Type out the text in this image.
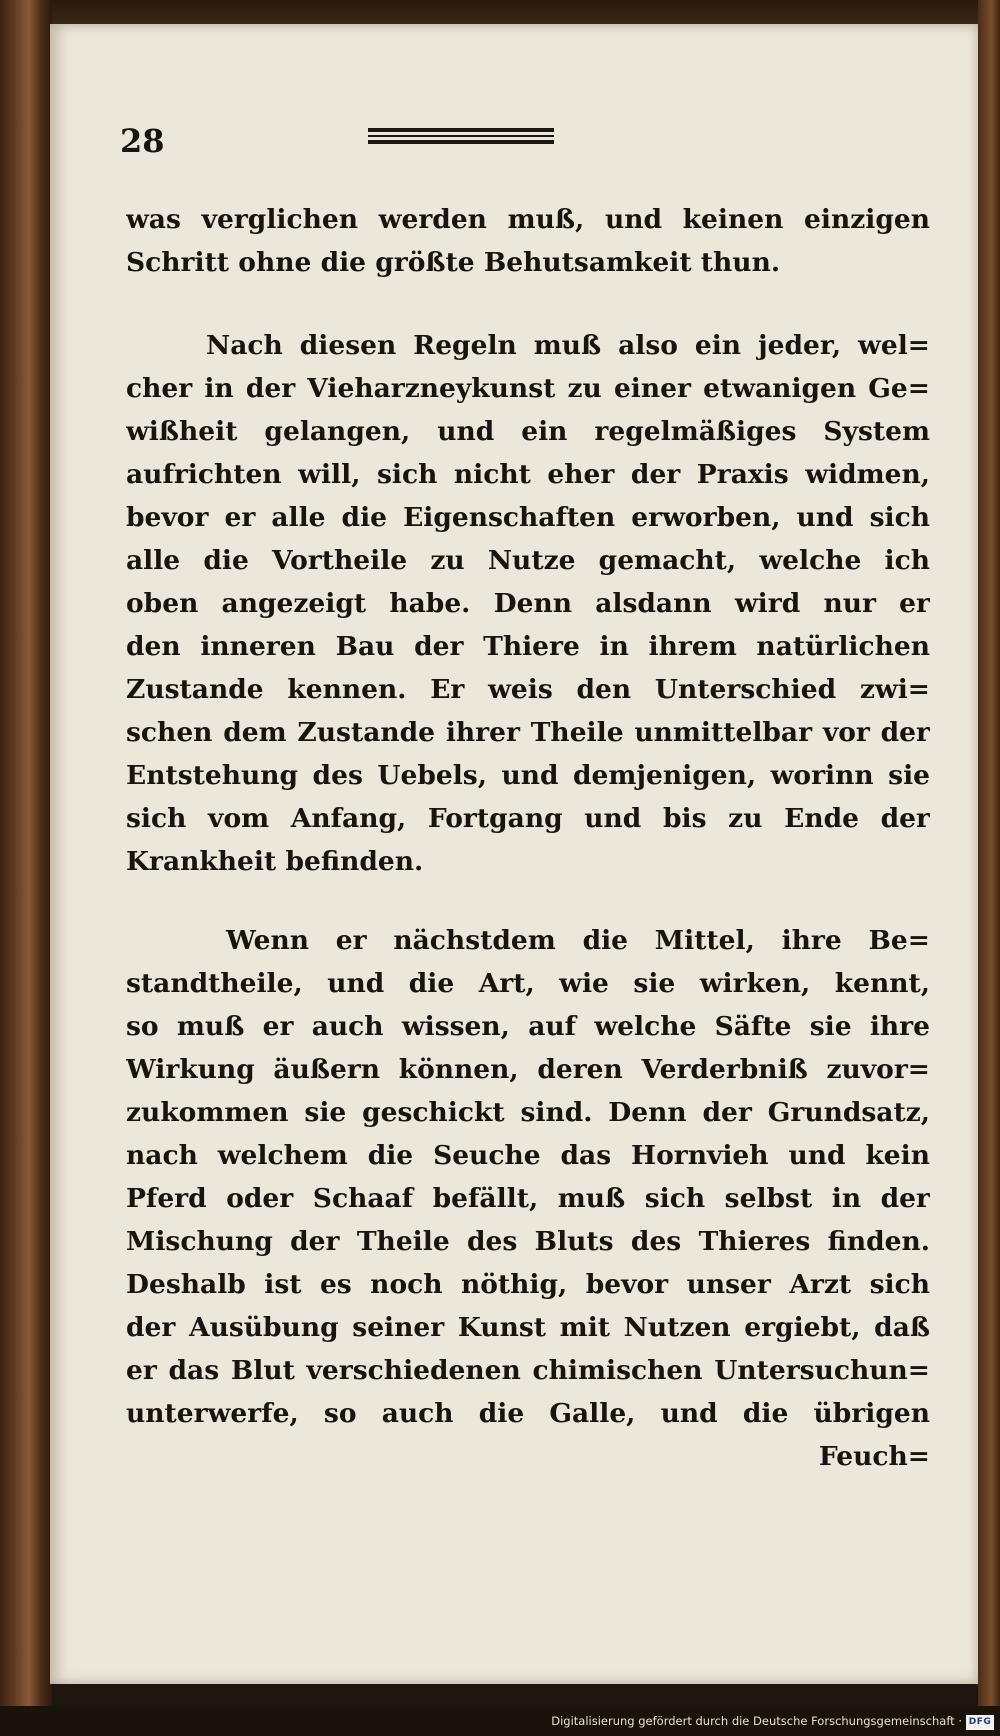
28
was verglichen werden muß, und keinen einzigen
Schritt ohne die größte Behutsamkeit thun.
Nach diesen Regeln muß also ein jeder, wel=
cher in der Vieharzneykunst zu einer etwanigen Ge=
wißheit gelangen, und ein regelmäßiges System
aufrichten will, sich nicht eher der Praxis widmen,
bevor er alle die Eigenschaften erworben, und sich
alle die Vortheile zu Nutze gemacht, welche ich
oben angezeigt habe. Denn alsdann wird nur er
den inneren Bau der Thiere in ihrem natürlichen
Zustande kennen. Er weis den Unterschied zwi=
schen dem Zustande ihrer Theile unmittelbar vor der
Entstehung des Uebels, und demjenigen, worinn sie
sich vom Anfang, Fortgang und bis zu Ende der
Krankheit befinden.
Wenn er nächstdem die Mittel, ihre Be=
standtheile, und die Art, wie sie wirken, kennt,
so muß er auch wissen, auf welche Säfte sie ihre
Wirkung äußern können, deren Verderbniß zuvor=
zukommen sie geschickt sind. Denn der Grundsatz,
nach welchem die Seuche das Hornvieh und kein
Pferd oder Schaaf befällt, muß sich selbst in der
Mischung der Theile des Bluts des Thieres finden.
Deshalb ist es noch nöthig, bevor unser Arzt sich
der Ausübung seiner Kunst mit Nutzen ergiebt, daß
er das Blut verschiedenen chimischen Untersuchun=
unterwerfe, so auch die Galle, und die übrigen
Feuch=
Digitalisierung gefördert durch die Deutsche Forschungsgemeinschaft · DFG
